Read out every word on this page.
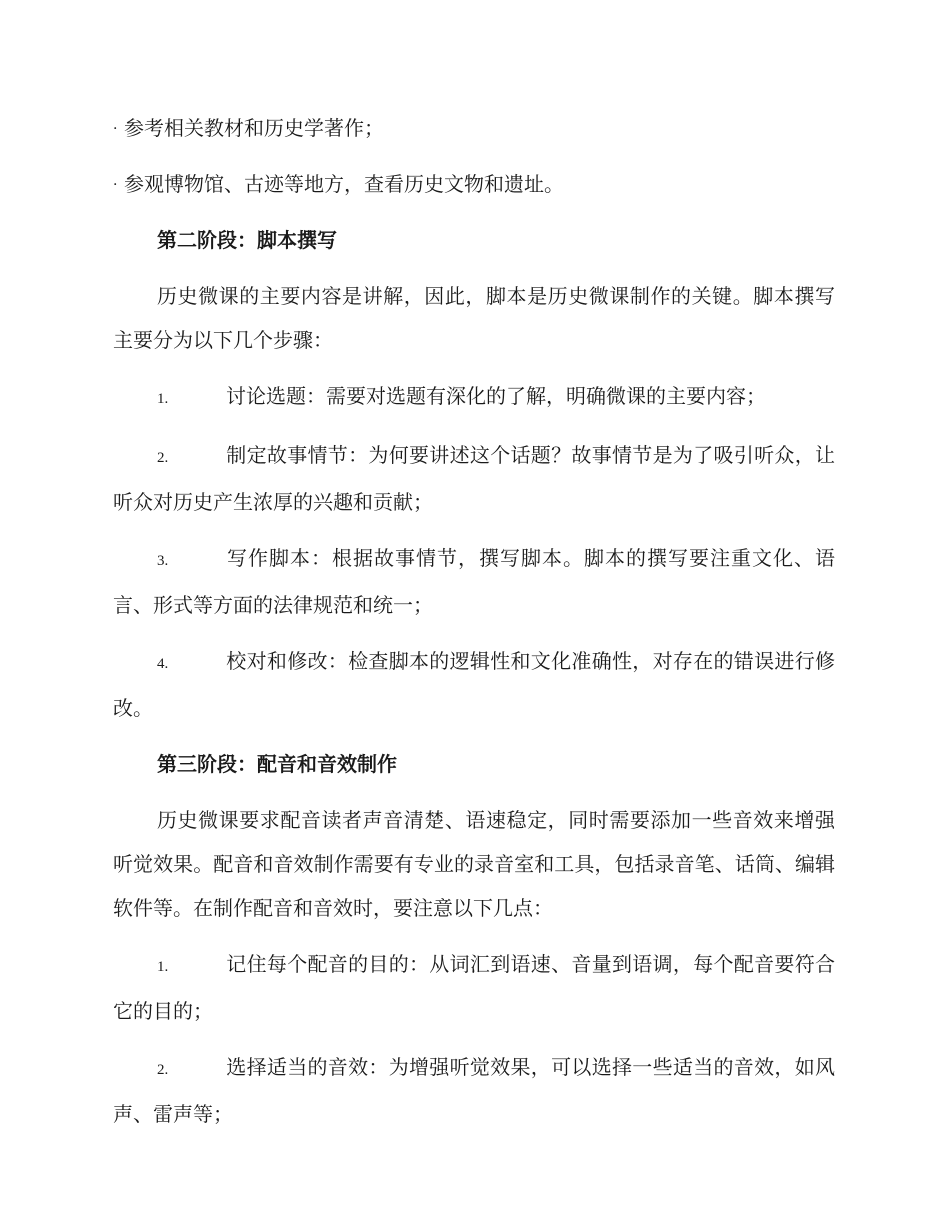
· 参考相关教材和历史学著作；
· 参观博物馆、古迹等地方，查看历史文物和遗址。
第二阶段：脚本撰写
历史微课的主要内容是讲解，因此，脚本是历史微课制作的关键。脚本撰写主要分为以下几个步骤：
1.	讨论选题：需要对选题有深化的了解，明确微课的主要内容；
2.	制定故事情节：为何要讲述这个话题？故事情节是为了吸引听众，让听众对历史产生浓厚的兴趣和贡献；
3.	写作脚本：根据故事情节，撰写脚本。脚本的撰写要注重文化、语言、形式等方面的法律规范和统一；
4.	校对和修改：检查脚本的逻辑性和文化准确性，对存在的错误进行修改。
第三阶段：配音和音效制作
历史微课要求配音读者声音清楚、语速稳定，同时需要添加一些音效来增强听觉效果。配音和音效制作需要有专业的录音室和工具，包括录音笔、话筒、编辑软件等。在制作配音和音效时，要注意以下几点：
1.	记住每个配音的目的：从词汇到语速、音量到语调，每个配音要符合它的目的；
2.	选择适当的音效：为增强听觉效果，可以选择一些适当的音效，如风声、雷声等；
